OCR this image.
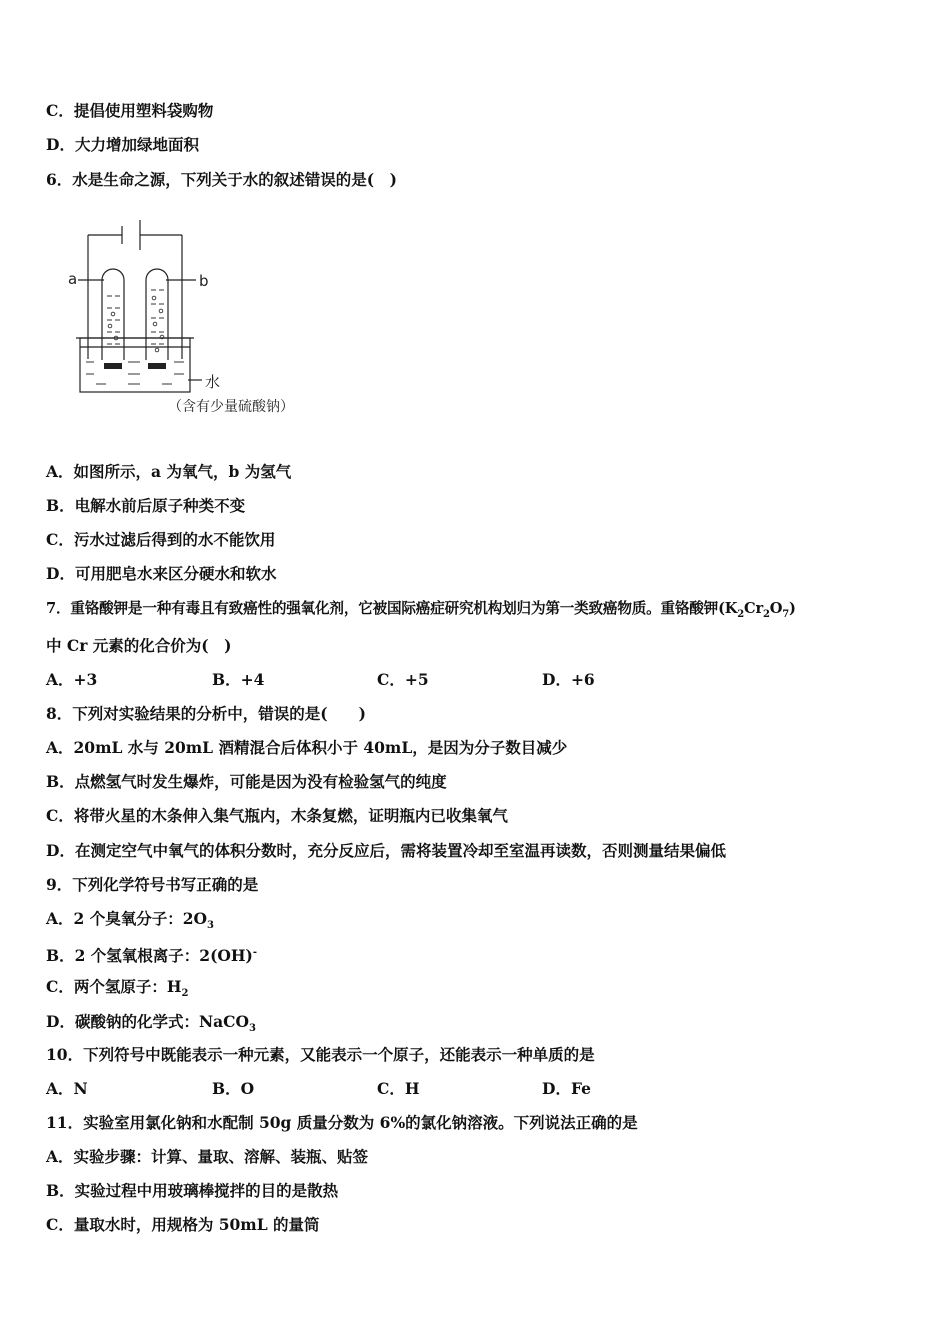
C．提倡使用塑料袋购物
D．大力增加绿地面积
6．水是生命之源，下列关于水的叙述错误的是(　)
a	b
水
（含有少量硫酸钠）
A．如图所示，a 为氧气，b 为氢气
B．电解水前后原子种类不变
C．污水过滤后得到的水不能饮用
D．可用肥皂水来区分硬水和软水
7．重铬酸钾是一种有毒且有致癌性的强氧化剂，它被国际癌症研究机构划归为第一类致癌物质。重铬酸钾$(K_2Cr_2O_7)$
中 Cr 元素的化合价为(　)
A．+3	B．+4	C．+5	D．+6
8．下列对实验结果的分析中，错误的是(　　)
A．20mL 水与 20mL 酒精混合后体积小于 40mL，是因为分子数目减少
B．点燃氢气时发生爆炸，可能是因为没有检验氢气的纯度
C．将带火星的木条伸入集气瓶内，木条复燃，证明瓶内已收集氧气
D．在测定空气中氧气的体积分数时，充分反应后，需将装置冷却至室温再读数，否则测量结果偏低
9．下列化学符号书写正确的是
A．2 个臭氧分子：$2O_3$
B．2 个氢氧根离子：2(OH)-
C．两个氢原子：$H_2$
D．碳酸钠的化学式：NaCO$_3$
10．下列符号中既能表示一种元素，又能表示一个原子，还能表示一种单质的是
A．N	B．O	C．H	D．Fe
11．实验室用氯化钠和水配制 50g 质量分数为 6%的氯化钠溶液。下列说法正确的是
A．实验步骤：计算、量取、溶解、装瓶、贴签
B．实验过程中用玻璃棒搅拌的目的是散热
C．量取水时，用规格为 50mL 的量筒
